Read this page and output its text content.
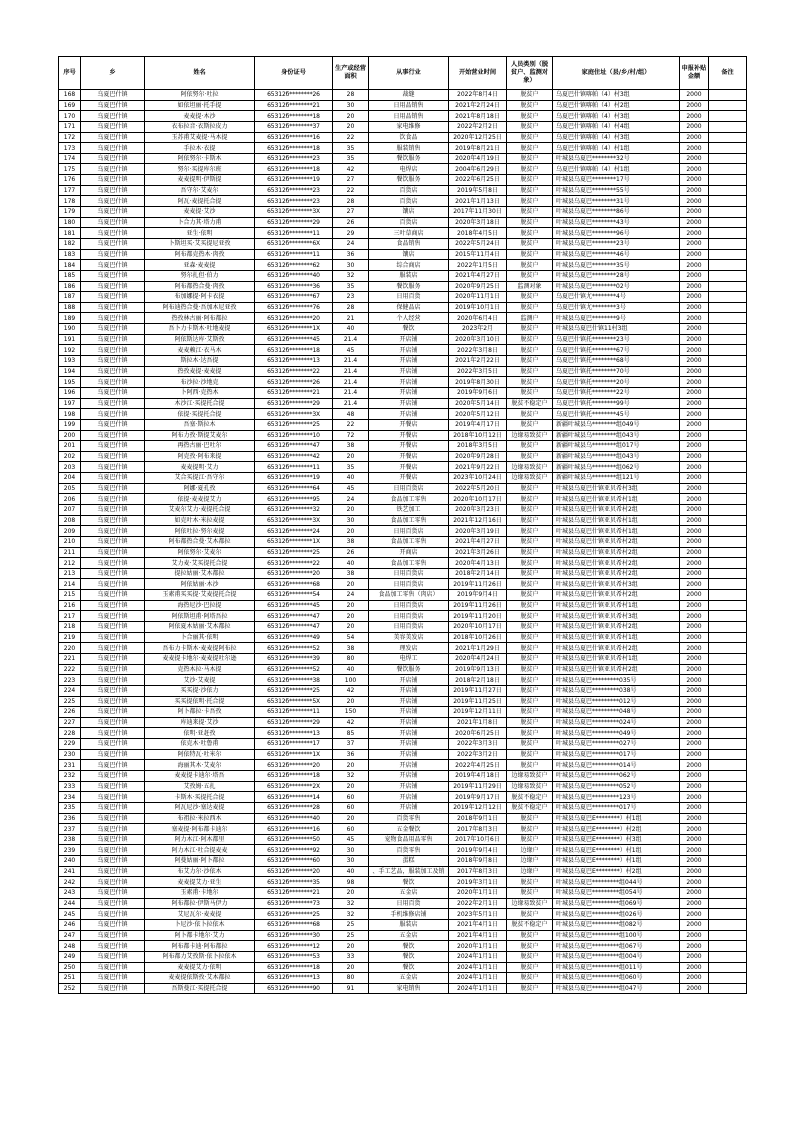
序号	乡	姓名	身份证号	生产或经营面积	从事行业	开始营业时间	人员类别（脱贫户、监测对象）	家庭住址（县/乡/村/组）	申报补贴金额	备注
168	乌夏巴什镇	阿依努尔·吐拉	65312б********26	28	裁缝	2022年8月4日	脱贫户	乌夏巴什镇喀帕（4）村3组	2000	
169	乌夏巴什镇	如依坦丽·托手提	65312б********21	30	日用品销售	2021年2月24日	脱贫户	乌夏巴什镇喀帕（4）村2组	2000	
170	乌夏巴什镇	麦麦提·木沙	65312б********18	20	日用品销售	2021年8月18日	脱贫户	乌夏巴什镇喀帕（4）村3组	2000	
171	乌夏巴什镇	衣布拉音·衣斯拉皮力	65312б********37	20	家电维修	2022年2月2日	脱贫户	乌夏巴什镇喀帕（4）村4组	2000	
172	乌夏巴什镇	玉苏甫艾麦提·马木提	65312б********16	22	饮食品	2020年12月25日	脱贫户	乌夏巴什镇喀帕（4）村3组	2000	
173	乌夏巴什镇	手拉木·衣提	65312б********18	35	服装销售	2019年8月21日	脱贫户	乌夏巴什镇喀帕（4）村1组	2000	
174	乌夏巴什镇	阿依努尔·卡斯木	65312б********23	35	餐饮服务	2020年4月19日	脱贫户	叶城县乌夏巴********32号	2000	
175	乌夏巴什镇	努尔·买提库尔班	65312б********18	42	电焊店	2004年6月29日	脱贫户	乌夏巴什镇喀帕（4）村1组	2000	
176	乌夏巴什镇	麦麦提明·伊斯提	65312б********19	27	餐饮服务	2022年6月25日	脱贫户	叶城县乌夏巴********17号	2000	
177	乌夏巴什镇	吾守尔·艾麦尔	65312б********23	22	百货店	2019年5月8日	脱贫户	叶城县乌夏巴********55号	2000	
178	乌夏巴什镇	阿瓦·麦提托合提	65312б********23	28	百货店	2021年1月13日	脱贫户	叶城县乌夏巴********31号	2000	
179	乌夏巴什镇	麦麦提·艾沙	65312б********3X	27	馕店	2017年11月30日	脱贫户	叶城县乌夏巴********86号	2000	
180	乌夏巴什镇	卜合力其·塔力甫	65312б********29	26	百货店	2020年3月18日	脱贫户	叶城县乌夏巴********43号	2000	
181	乌夏巴什镇	亚生·依明	65312б********11	29	三叶草商店	2018年4月5日	脱贫户	叶城县乌夏巴********96号	2000	
182	乌夏巴什镇	卜斯坦买·艾买提尼亚孜	65312б********6X	24	食品销售	2022年5月24日	脱贫户	叶城县乌夏巴********23号	2000	
183	乌夏巴什镇	阿布都克热木·肉孜	65312б********11	36	馕店	2015年11月4日	脱贫户	叶城县乌夏巴********46号	2000	
184	乌夏巴什镇	亚森·麦麦提	65312б********62	30	综合商店	2022年1月5日	脱贫户	叶城县乌夏巴********35号	2000	
185	乌夏巴什镇	努尔扎但·伯力	65312б********40	32	服装店	2021年4月27日	脱贫户	叶城县乌夏巴********28号	2000	
186	乌夏巴什镇	阿布都热合曼·肉孜	65312б********36	35	餐饮服务	2020年9月25日	监测对象	叶城县乌夏巴********02号	2000	
187	乌夏巴什镇	布加娜提·阿卡衣提	65312б********67	23	日用百货	2020年11月1日	脱贫户	乌夏巴什镇尤********4号	2000	
188	乌夏巴什镇	阿布迪热合曼·吾加木尼亚孜	65312б********76	28	保健品店	2019年10月1日	脱贫户	乌夏巴什镇尤********3号	2000	
189	乌夏巴什镇	热孜林古丽·阿布都拉	65312б********20	21	个人经营	2020年6月4日	监测户	叶城县乌夏巴********9号	2000	
190	乌夏巴什镇	吾卜力卡斯木·吐地麦提	65312б********1X	40	餐饮	2023年2月	脱贫户	叶城县乌夏巴什镇11村3组	2000	
191	乌夏巴什镇	阿依斯达库·艾斯孜	65312б********45	21.4	开店铺	2020年3月10日	脱贫户	乌夏巴什镇托********23号	2000	
192	乌夏巴什镇	麦麦赖江·衣马木	65312б********18	45	开店铺	2022年3月8日	脱贫户	乌夏巴什镇托********67号	2000	
193	乌夏巴什镇	斯拉木·达吾提	65312б********13	21.4	开店铺	2021年2月22日	脱贫户	乌夏巴什镇托********68号	2000	
194	乌夏巴什镇	热孜麦提·麦麦提	65312б********22	21.4	开店铺	2022年3月5日	脱贫户	乌夏巴什镇托********70号	2000	
195	乌夏巴什镇	布沙拉·沙地克	65312б********26	21.4	开店铺	2019年8月30日	脱贫户	乌夏巴什镇托********20号	2000	
196	乌夏巴什镇	卜阿西·克热木	65312б********21	21.4	开店铺	2019年9月6日	脱贫户	乌夏巴什镇托********22号	2000	
197	乌夏巴什镇	木沙江·买提托合提	65312б********29	21.4	开店铺	2020年5月14日	脱贫不稳定户	乌夏巴什镇托********99号	2000	
198	乌夏巴什镇	依提·买提托合提	65312б********3X	48	开店铺	2020年5月12日	脱贫户	乌夏巴什镇托********45号	2000	
199	乌夏巴什镇	吾塞·斯拉木	65312б********25	22	开餐店	2019年4月17日	脱贫户	新疆叶城县乌********组049号	2000	
200	乌夏巴什镇	阿布力孜·斯提艾麦尔	65312б********10	72	开餐店	2018年10月12日	边缘易致贫户	新疆叶城县乌********组043号	2000	
201	乌夏巴什镇	再热古丽·巴吐尔	65312б********47	38	开餐店	2018年3月5日	脱贫户	新疆叶城县乌********组017号	2000	
202	乌夏巴什镇	阿克孜·阿布来提	65312б********42	20	开餐店	2020年9月28日	脱贫户	新疆叶城县乌********组043号	2000	
203	乌夏巴什镇	麦麦提明·艾力	65312б********11	35	开餐店	2021年9月22日	边缘易致贫户	新疆叶城县乌********组062号	2000	
204	乌夏巴什镇	艾合买提江·吾守尔	65312б********19	40	开餐店	2023年10月24日	边缘易致贫户	新疆叶城县乌********组121号	2000	
205	乌夏巴什镇	阿娜·夏孔孜	65312б********64	45	日用百货店	2022年5月20日	脱贫户	叶城县乌夏巴什镇亚贝希村3组	2000	
206	乌夏巴什镇	依提·麦麦提艾力	65312б********95	24	食品加工零售	2020年10月17日	脱贫户	叶城县乌夏巴什镇亚贝希村1组	2000	
207	乌夏巴什镇	艾麦尔艾力·麦提托合提	65312б********32	20	铁艺加工	2020年3月23日	脱贫户	叶城县乌夏巴什镇亚贝希村2组	2000	
208	乌夏巴什镇	如克叶木·米拉麦提	65312б********3X	30	食品加工零售	2021年12月16日	脱贫户	叶城县乌夏巴什镇亚贝希村1组	2000	
209	乌夏巴什镇	阿依吐拉·努尔麦提	65312б********24	20	日用百货店	2020年3月19日	脱贫户	叶城县乌夏巴什镇亚贝希村1组	2000	
210	乌夏巴什镇	阿布都热合曼·艾木都拉	65312б********1X	38	食品加工零售	2021年4月27日	脱贫户	叶城县乌夏巴什镇亚贝希村2组	2000	
211	乌夏巴什镇	阿依努尔·艾麦尔	65312б********25	26	开商店	2021年3月26日	脱贫户	叶城县乌夏巴什镇亚贝希村2组	2000	
212	乌夏巴什镇	艾力麦·艾买提托合提	65312б********22	40	食品加工零售	2020年4月13日	脱贫户	叶城县乌夏巴什镇亚贝希村2组	2000	
213	乌夏巴什镇	提拉姑丽·艾木都拉	65312б********20	38	日用百货店	2018年2月14日	脱贫户	叶城县乌夏巴什镇亚贝希村2组	2000	
214	乌夏巴什镇	阿依姑丽·木沙	65312б********68	20	日用百货店	2019年11月26日	脱贫户	叶城县乌夏巴什镇亚贝希村3组	2000	
215	乌夏巴什镇	玉素甫买买提·艾麦提托合提	65312б********54	24	食品加工零售（肉店）	2019年9月4日	脱贫户	叶城县乌夏巴什镇亚贝希村2组	2000	
216	乌夏巴什镇	海热尼沙·巴拉提	65312б********45	20	日用百货店	2019年11月26日	脱贫户	叶城县乌夏巴什镇亚贝希村1组	2000	
217	乌夏巴什镇	阿依斯坦甫·阿塔吾拉	65312б********47	20	日用百货店	2019年11月20日	脱贫户	叶城县乌夏巴什镇亚贝希村3组	2000	
218	乌夏巴什镇	阿依夏木姑丽·艾木都拉	65312б********47	20	日用百货店	2020年10月17日	脱贫户	叶城县乌夏巴什镇亚贝希村2组	2000	
219	乌夏巴什镇	卜合丽其·依明	65312б********49	54	美容美发店	2018年10月26日	脱贫户	叶城县乌夏巴什镇亚贝希村1组	2000	
220	乌夏巴什镇	吾布力卡斯木·麦麦提阿布拉	65312б********52	38	理发店	2021年1月29日	脱贫户	叶城县乌夏巴什镇亚贝希村2组	2000	
221	乌夏巴什镇	麦麦提卡地尔·麦麦提吐尔逊	65312б********39	80	电焊工	2020年4月24日	脱贫户	叶城县乌夏巴什镇亚贝希村1组	2000	
222	乌夏巴什镇	克热木拉·马木提	65312б********52	40	餐饮服务	2019年9月13日	脱贫户	叶城县乌夏巴什镇亚贝希村2组	2000	
223	乌夏巴什镇	艾沙·艾麦提	65312б********38	100	开店铺	2018年2月18日	脱贫户	叶城县乌夏巴*********035号	2000	
224	乌夏巴什镇	买买提·沙依力	65312б********25	42	开店铺	2019年11月27日	脱贫户	叶城县乌夏巴*********038号	2000	
225	乌夏巴什镇	买买提依明·托合提	65312б********5X	20	开店铺	2019年11月25日	脱贫户	叶城县乌夏巴*********012号	2000	
226	乌夏巴什镇	阿卜都拉·卡吾孜	65312б********11	150	开店铺	2019年12月11日	脱贫户	叶城县乌夏巴*********048号	2000	
227	乌夏巴什镇	库迪来提·艾沙	65312б********29	42	开店铺	2021年1月8日	脱贫户	叶城县乌夏巴*********024号	2000	
228	乌夏巴什镇	依明·亚赶孜	65312б********13	85	开店铺	2020年6月25日	脱贫户	叶城县乌夏巴*********049号	2000	
229	乌夏巴什镇	依克木·吐鲁甫	65312б********17	37	开店铺	2022年3月3日	脱贫户	叶城县乌夏巴*********027号	2000	
230	乌夏巴什镇	阿依特瓦·吐米尔	65312б********1X	36	开店铺	2022年3月2日	脱贫户	叶城县乌夏巴*********017号	2000	
231	乌夏巴什镇	海丽其木·艾麦尔	65312б********20	20	开店铺	2022年4月25日	脱贫户	叶城县乌夏巴*********014号	2000	
232	乌夏巴什镇	麦麦提卡迪尔·塔吾	65312б********18	32	开店铺	2019年4月18日	边缘易致贫户	叶城县乌夏巴*********062号	2000	
233	乌夏巴什镇	艾孜姆·五扎	65312б********2X	20	开店铺	2019年11月29日	边缘易致贫户	叶城县乌夏巴*********052号	2000	
234	乌夏巴什镇	卡斯木·买提托合提	65312б********14	60	开店铺	2019年9月17日	脱贫不稳定户	叶城县乌夏巴*********123号	2000	
235	乌夏巴什镇	阿瓦尼沙·塞达麦提	65312б********28	60	开店铺	2019年12月12日	脱贫不稳定户	叶城县乌夏巴*********017号	2000	
236	乌夏巴什镇	布祖拉·米拉西木	65312б********40	20	百货零售	2018年9月1日	脱贫户	叶城县乌夏巴E********）村1组	2000	
237	乌夏巴什镇	塞麦提·阿布都卡迪尔	65312б********16	60	五金餐饮	2017年8月3日	脱贫户	叶城县乌夏巴E********）村2组	2000	
238	乌夏巴什镇	阿力木江·阿木都里	65312б********50	45	宠物食品用品零售	2017年10月6日	脱贫户	叶城县乌夏巴E********）村3组	2000	
239	乌夏巴什镇	阿力木江·吐合提麦麦	65312б********92	30	百货零售	2019年9月4日	边缘户	叶城县乌夏巴E********）村1组	2000	
240	乌夏巴什镇	阿曼姑丽·阿卜都拉	65312б********60	30	蛋糕	2018年9月8日	边缘户	叶城县乌夏巴E********）村1组	2000	
241	乌夏巴什镇	布艾力尔·沙依木	65312б********20	40	、手工艺品，服装加工及销	2017年8月3日	边缘户	叶城县乌夏巴E********）村2组	2000	
242	乌夏巴什镇	麦麦提艾力·亚生	65312б********35	98	餐饮	2019年3月1日	脱贫户	叶城县乌夏巴*********组044号	2000	
243	乌夏巴什镇	玉素甫·卡地尔	65312б********21	20	五金店	2020年1月1日	脱贫户	叶城县乌夏巴*********组054号	2000	
244	乌夏巴什镇	阿布都拉·伊斯马伊力	65312б********73	32	日用百货	2022年2月1日	边缘易致贫户	叶城县乌夏巴*********组069号	2000	
245	乌夏巴什镇	艾尼瓦尔·麦麦提	65312б********25	32	手机维修店铺	2023年5月1日	脱贫户	叶城县乌夏巴*********组026号	2000	
246	乌夏巴什镇	卜尼沙·依卜拉依木	65312б********68	25	服装店	2021年4月1日	脱贫不稳定户	叶城县乌夏巴*********组082号	2000	
247	乌夏巴什镇	阿卜都卡地尔·艾力	65312б********30	25	五金店	2021年4月1日	脱贫户	叶城县乌夏巴*********组100号	2000	
248	乌夏巴什镇	阿布都卡迪·阿布都拉	65312б********12	20	餐饮	2020年1月1日	脱贫户	叶城县乌夏巴*********组067号	2000	
249	乌夏巴什镇	阿布都力艾孜斯·依卜拉依木	65312б********53	33	餐饮	2024年1月1日	脱贫户	叶城县乌夏巴*********组004号	2000	
250	乌夏巴什镇	麦麦提艾力·依明	65312б********18	20	餐饮	2024年1月1日	脱贫户	叶城县乌夏巴*********组011号	2000	
251	乌夏巴什镇	麦麦提依斯孜·艾木都拉	65312б********13	80	五金店	2024年1月1日	脱贫户	叶城县乌夏巴*********组060号	2000	
252	乌夏巴什镇	吾斯曼江·买提托合提	65312б********90	91	家电销售	2024年1月1日	脱贫户	叶城县乌夏巴*********组047号	2000	
